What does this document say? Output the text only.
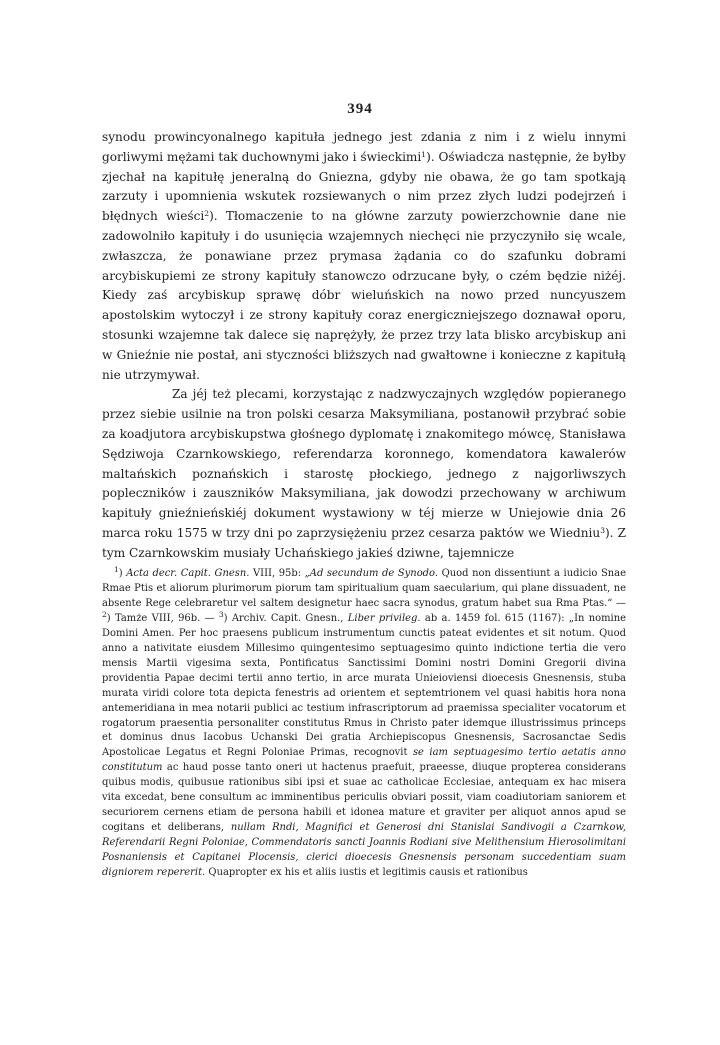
394

synodu prowincyonalnego kapituła jednego jest zdania z nim i z wielu innymi gorliwymi mężami tak duchownymi jako i świeckimi$^1$). Oświadcza następnie, że byłby zjechał na kapitułę jeneralną do Gniezna, gdyby nie obawa, że go tam spotkają zarzuty i upomnienia wskutek rozsiewanych o nim przez złych ludzi podejrzeń i błędnych wieści$^2$). Tłomaczenie to na główne zarzuty powierzchownie dane nie zadowolniło kapituły i do usunięcia wzajemnych niechęci nie przyczyniło się wcale, zwłaszcza, że ponawiane przez prymasa żądania co do szafunku dobrami arcybiskupiemi ze strony kapituły stanowczo odrzucane były, o czém będzie niżéj. Kiedy zaś arcybiskup sprawę dóbr wieluńskich na nowo przed nuncyuszem apostolskim wytoczył i ze strony kapituły coraz energiczniejszego doznawał oporu, stosunki wzajemne tak dalece się naprężyły, że przez trzy lata blisko arcybiskup ani w Gnieźnie nie postał, ani styczności bliższych nad gwałtowne i konieczne z kapitułą nie utrzymywał.

Za jéj też plecami, korzystając z nadzwyczajnych względów popieranego przez siebie usilnie na tron polski cesarza Maksymiliana, postanowił przybrać sobie za koadjutora arcybiskupstwa głośnego dyplomatę i znakomitego mówcę, Stanisława Sędziwoja Czarnkowskiego, referendarza koronnego, komendatora kawalerów maltańskich poznańskich i starostę płockiego, jednego z najgorliwszych popleczników i zauszników Maksymiliana, jak dowodzi przechowany w archiwum kapituły gnieźnieńskiéj dokument wystawiony w téj mierze w Uniejowie dnia 26 marca roku 1575 w trzy dni po zaprzysiężeniu przez cesarza paktów we Wiedniu$^3$). Z tym Czarnkowskim musiały Uchańskiego jakieś dziwne, tajemnicze

$^1$) Acta decr. Capit. Gnesn. VIII, 95b: „Ad secundum de Synodo. Quod non dissentiunt a iudicio Snae Rmae Ptis et aliorum plurimorum piorum tam spiritualium quam saecularium, qui plane dissuadent, ne absente Rege celebraretur vel saltem designetur haec sacra synodus, gratum habet sua Rma Ptas.“ — $^2$) Tamże VIII, 96b. — $^3$) Archiv. Capit. Gnesn., Liber privileg. ab a. 1459 fol. 615 (1167): „In nomine Domini Amen. Per hoc praesens publicum instrumentum cunctis pateat evidentes et sit notum. Quod anno a nativitate eiusdem Millesimo quingentesimo septuagesimo quinto indictione tertia die vero mensis Martii vigesima sexta, Pontificatus Sanctissimi Domini nostri Domini Gregorii divina providentia Papae decimi tertii anno tertio, in arce murata Unieioviensi dioecesis Gnesnensis, stuba murata viridi colore tota depicta fenestris ad orientem et septemtrionem vel quasi habitis hora nona antemeridiana in mea notarii publici ac testium infrascriptorum ad praemissa specialiter vocatorum et rogatorum praesentia personaliter constitutus Rmus in Christo pater idemque illustrissimus princeps et dominus dnus Iacobus Uchanski Dei gratia Archiepiscopus Gnesnensis, Sacrosanctae Sedis Apostolicae Legatus et Regni Poloniae Primas, recognovit se iam septuagesimo tertio aetatis anno constitutum ac haud posse tanto oneri ut hactenus praefuit, praeesse, diuque propterea considerans quibus modis, quibusue rationibus sibi ipsi et suae ac catholicae Ecclesiae, antequam ex hac misera vita excedat, bene consultum ac imminentibus periculis obviari possit, viam coadiutoriam saniorem et securiorem cernens etiam de persona habili et idonea mature et graviter per aliquot annos apud se cogitans et deliberans, nullam Rndi, Magnifici et Generosi dni Stanislai Sandivogii a Czarnkow, Referendarii Regni Poloniae, Commendatoris sancti Joannis Rodiani sive Melithensium Hierosolimitani Posnaniensis et Capitanei Plocensis, clerici dioecesis Gnesnensis personam succedentiam suam digniorem repererit. Quapropter ex his et aliis iustis et legitimis causis et rationibus
